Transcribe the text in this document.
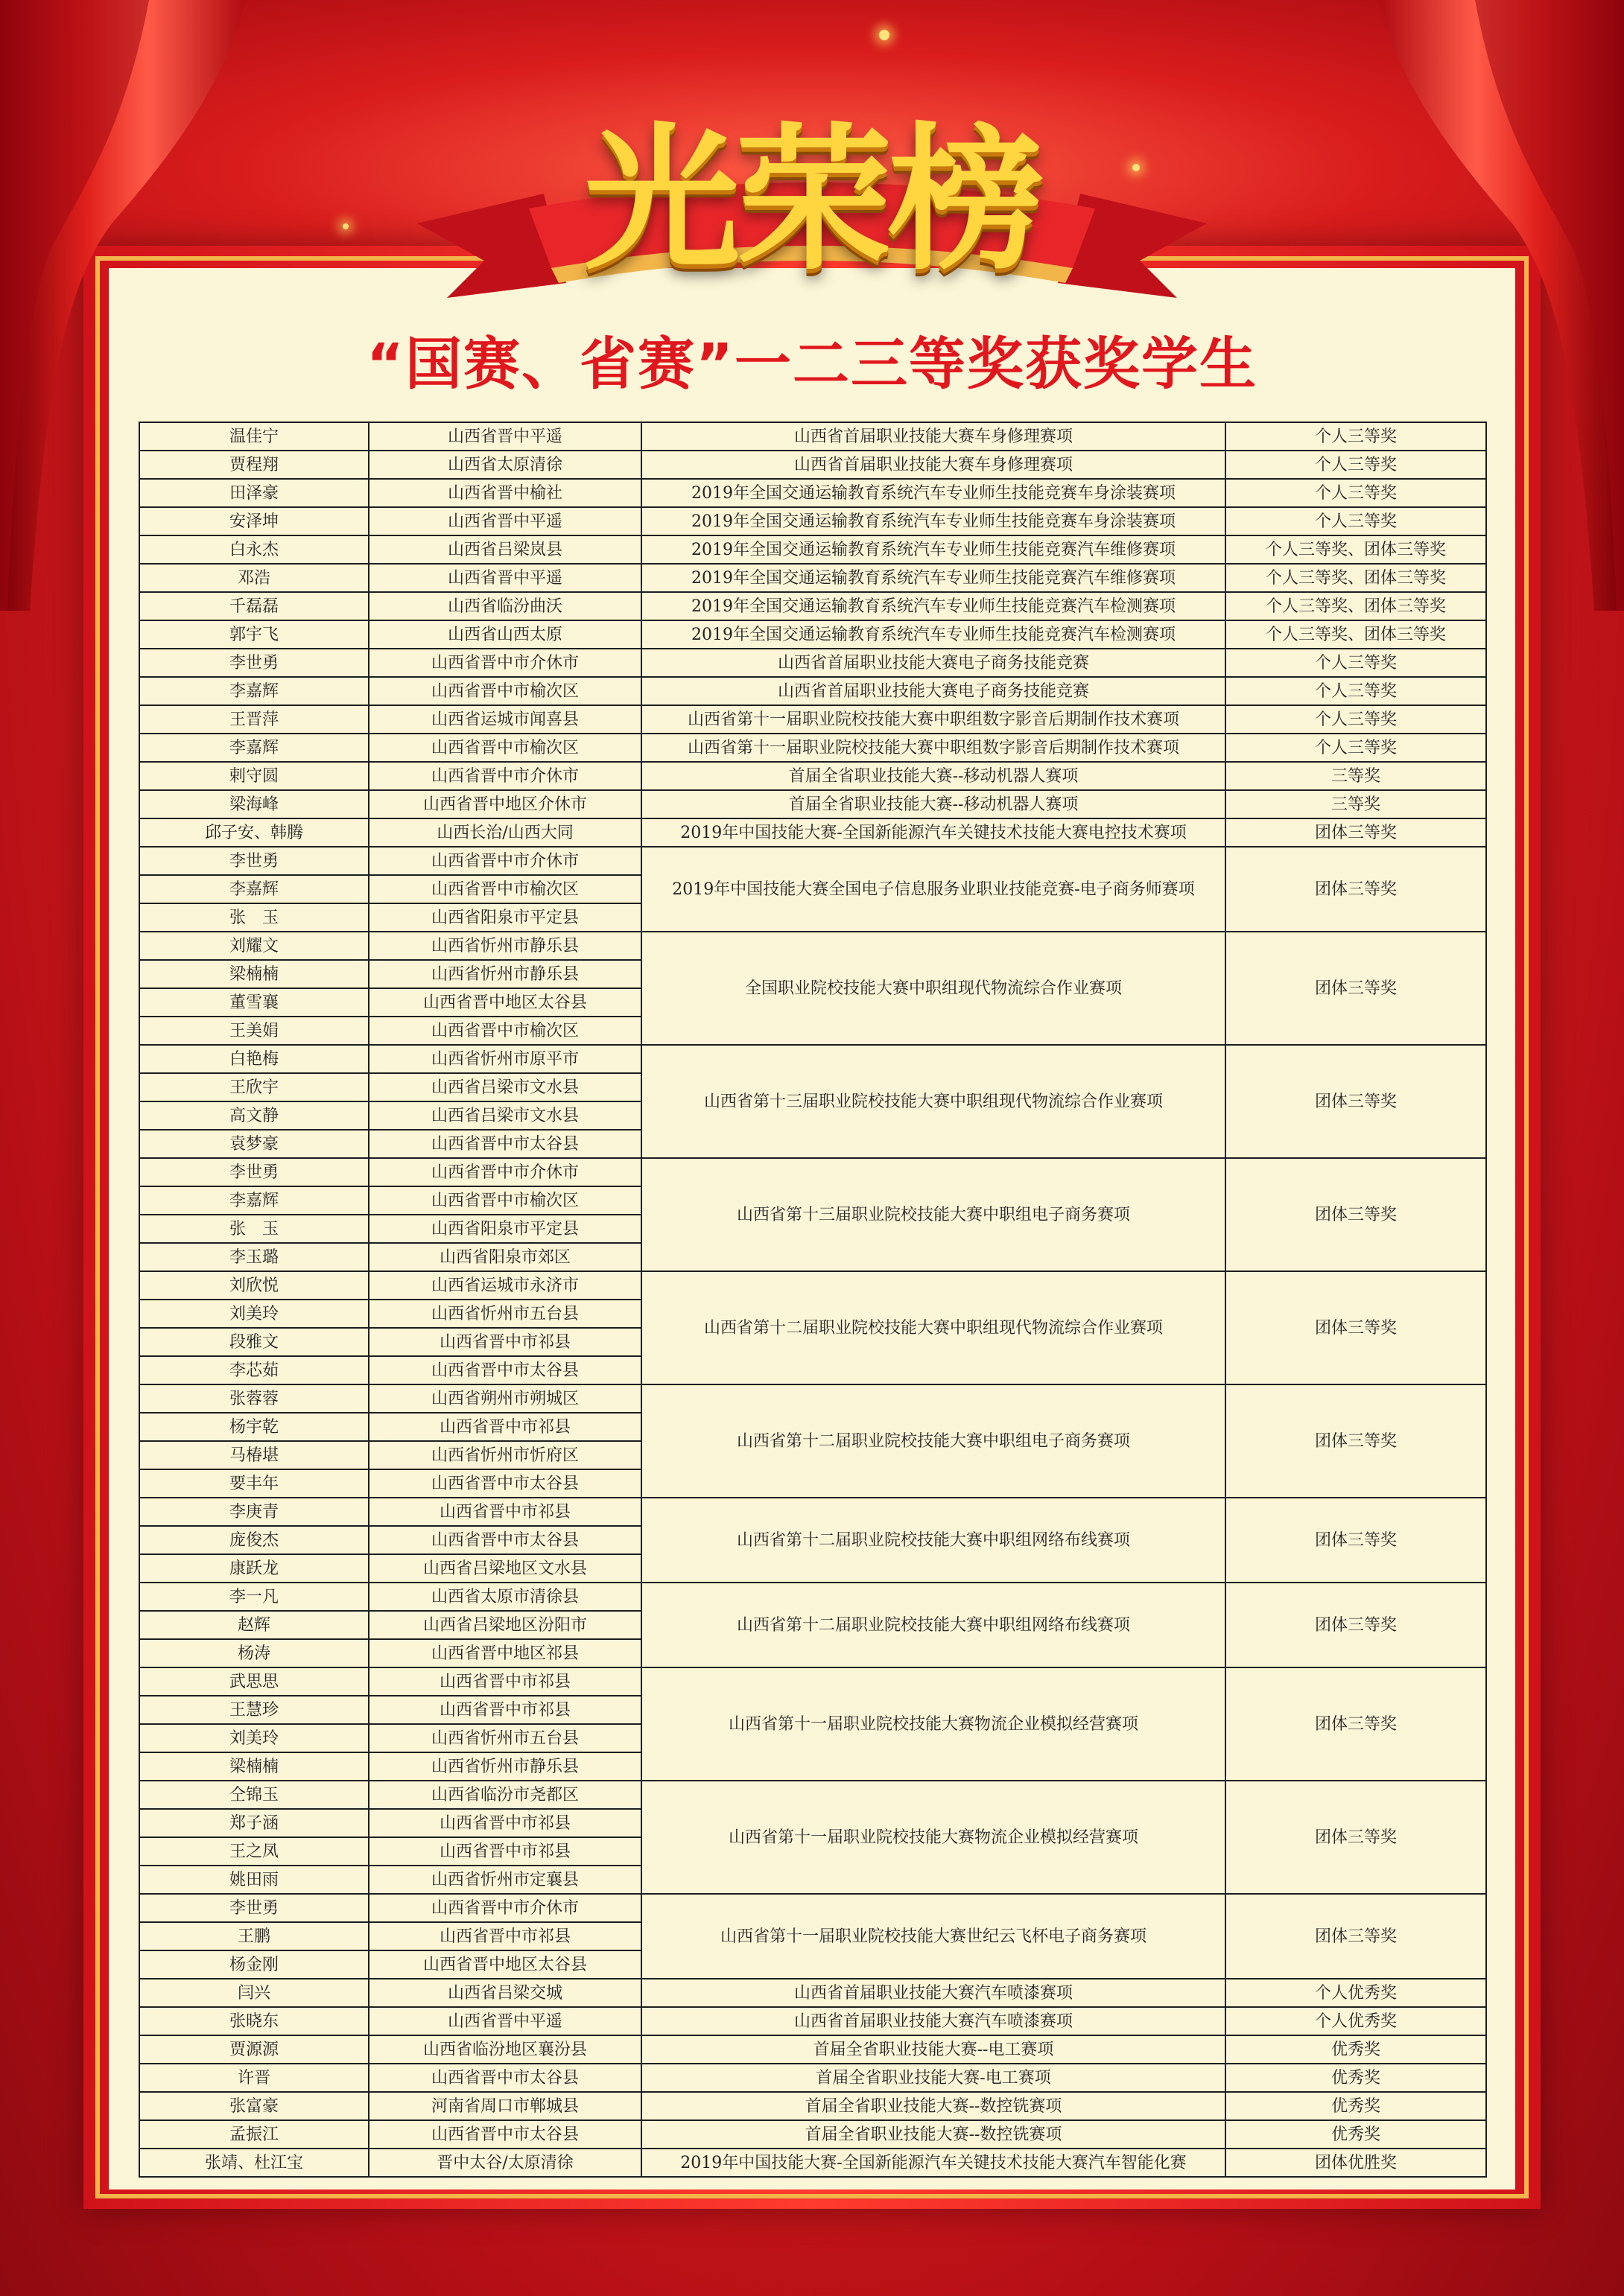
光荣榜
“国赛、省赛”一二三等奖获奖学生
温佳宁	山西省晋中平遥	山西省首届职业技能大赛车身修理赛项	个人三等奖
贾程翔	山西省太原清徐	山西省首届职业技能大赛车身修理赛项	个人三等奖
田泽豪	山西省晋中榆社	2019年全国交通运输教育系统汽车专业师生技能竞赛车身涂装赛项	个人三等奖
安泽坤	山西省晋中平遥	2019年全国交通运输教育系统汽车专业师生技能竞赛车身涂装赛项	个人三等奖
白永杰	山西省吕梁岚县	2019年全国交通运输教育系统汽车专业师生技能竞赛汽车维修赛项	个人三等奖、团体三等奖
邓浩	山西省晋中平遥	2019年全国交通运输教育系统汽车专业师生技能竞赛汽车维修赛项	个人三等奖、团体三等奖
千磊磊	山西省临汾曲沃	2019年全国交通运输教育系统汽车专业师生技能竞赛汽车检测赛项	个人三等奖、团体三等奖
郭宇飞	山西省山西太原	2019年全国交通运输教育系统汽车专业师生技能竞赛汽车检测赛项	个人三等奖、团体三等奖
李世勇	山西省晋中市介休市	山西省首届职业技能大赛电子商务技能竞赛	个人三等奖
李嘉辉	山西省晋中市榆次区	山西省首届职业技能大赛电子商务技能竞赛	个人三等奖
王晋萍	山西省运城市闻喜县	山西省第十一届职业院校技能大赛中职组数字影音后期制作技术赛项	个人三等奖
李嘉辉	山西省晋中市榆次区	山西省第十一届职业院校技能大赛中职组数字影音后期制作技术赛项	个人三等奖
剌守圆	山西省晋中市介休市	首届全省职业技能大赛--移动机器人赛项	三等奖
梁海峰	山西省晋中地区介休市	首届全省职业技能大赛--移动机器人赛项	三等奖
邱子安、韩腾	山西长治/山西大同	2019年中国技能大赛-全国新能源汽车关键技术技能大赛电控技术赛项	团体三等奖
李世勇	山西省晋中市介休市	2019年中国技能大赛全国电子信息服务业职业技能竞赛-电子商务师赛项	团体三等奖
李嘉辉	山西省晋中市榆次区		
张　玉	山西省阳泉市平定县		
刘耀文	山西省忻州市静乐县	全国职业院校技能大赛中职组现代物流综合作业赛项	团体三等奖
梁楠楠	山西省忻州市静乐县		
董雪襄	山西省晋中地区太谷县		
王美娟	山西省晋中市榆次区		
白艳梅	山西省忻州市原平市	山西省第十三届职业院校技能大赛中职组现代物流综合作业赛项	团体三等奖
王欣宇	山西省吕梁市文水县		
高文静	山西省吕梁市文水县		
袁梦豪	山西省晋中市太谷县		
李世勇	山西省晋中市介休市	山西省第十三届职业院校技能大赛中职组电子商务赛项	团体三等奖
李嘉辉	山西省晋中市榆次区		
张　玉	山西省阳泉市平定县		
李玉璐	山西省阳泉市郊区		
刘欣悦	山西省运城市永济市	山西省第十二届职业院校技能大赛中职组现代物流综合作业赛项	团体三等奖
刘美玲	山西省忻州市五台县		
段雅文	山西省晋中市祁县		
李芯茹	山西省晋中市太谷县		
张蓉蓉	山西省朔州市朔城区	山西省第十二届职业院校技能大赛中职组电子商务赛项	团体三等奖
杨宇乾	山西省晋中市祁县		
马椿堪	山西省忻州市忻府区		
要丰年	山西省晋中市太谷县		
李庚青	山西省晋中市祁县	山西省第十二届职业院校技能大赛中职组网络布线赛项	团体三等奖
庞俊杰	山西省晋中市太谷县		
康跃龙	山西省吕梁地区文水县		
李一凡	山西省太原市清徐县	山西省第十二届职业院校技能大赛中职组网络布线赛项	团体三等奖
赵辉	山西省吕梁地区汾阳市		
杨涛	山西省晋中地区祁县		
武思思	山西省晋中市祁县	山西省第十一届职业院校技能大赛物流企业模拟经营赛项	团体三等奖
王慧珍	山西省晋中市祁县		
刘美玲	山西省忻州市五台县		
梁楠楠	山西省忻州市静乐县		
仝锦玉	山西省临汾市尧都区	山西省第十一届职业院校技能大赛物流企业模拟经营赛项	团体三等奖
郑子涵	山西省晋中市祁县		
王之凤	山西省晋中市祁县		
姚田雨	山西省忻州市定襄县		
李世勇	山西省晋中市介休市	山西省第十一届职业院校技能大赛世纪云飞杯电子商务赛项	团体三等奖
王鹏	山西省晋中市祁县		
杨金刚	山西省晋中地区太谷县		
闫兴	山西省吕梁交城	山西省首届职业技能大赛汽车喷漆赛项	个人优秀奖
张晓东	山西省晋中平遥	山西省首届职业技能大赛汽车喷漆赛项	个人优秀奖
贾源源	山西省临汾地区襄汾县	首届全省职业技能大赛--电工赛项	优秀奖
许晋	山西省晋中市太谷县	首届全省职业技能大赛-电工赛项	优秀奖
张富豪	河南省周口市郸城县	首届全省职业技能大赛--数控铣赛项	优秀奖
孟振江	山西省晋中市太谷县	首届全省职业技能大赛--数控铣赛项	优秀奖
张靖、杜江宝	晋中太谷/太原清徐	2019年中国技能大赛-全国新能源汽车关键技术技能大赛汽车智能化赛	团体优胜奖
